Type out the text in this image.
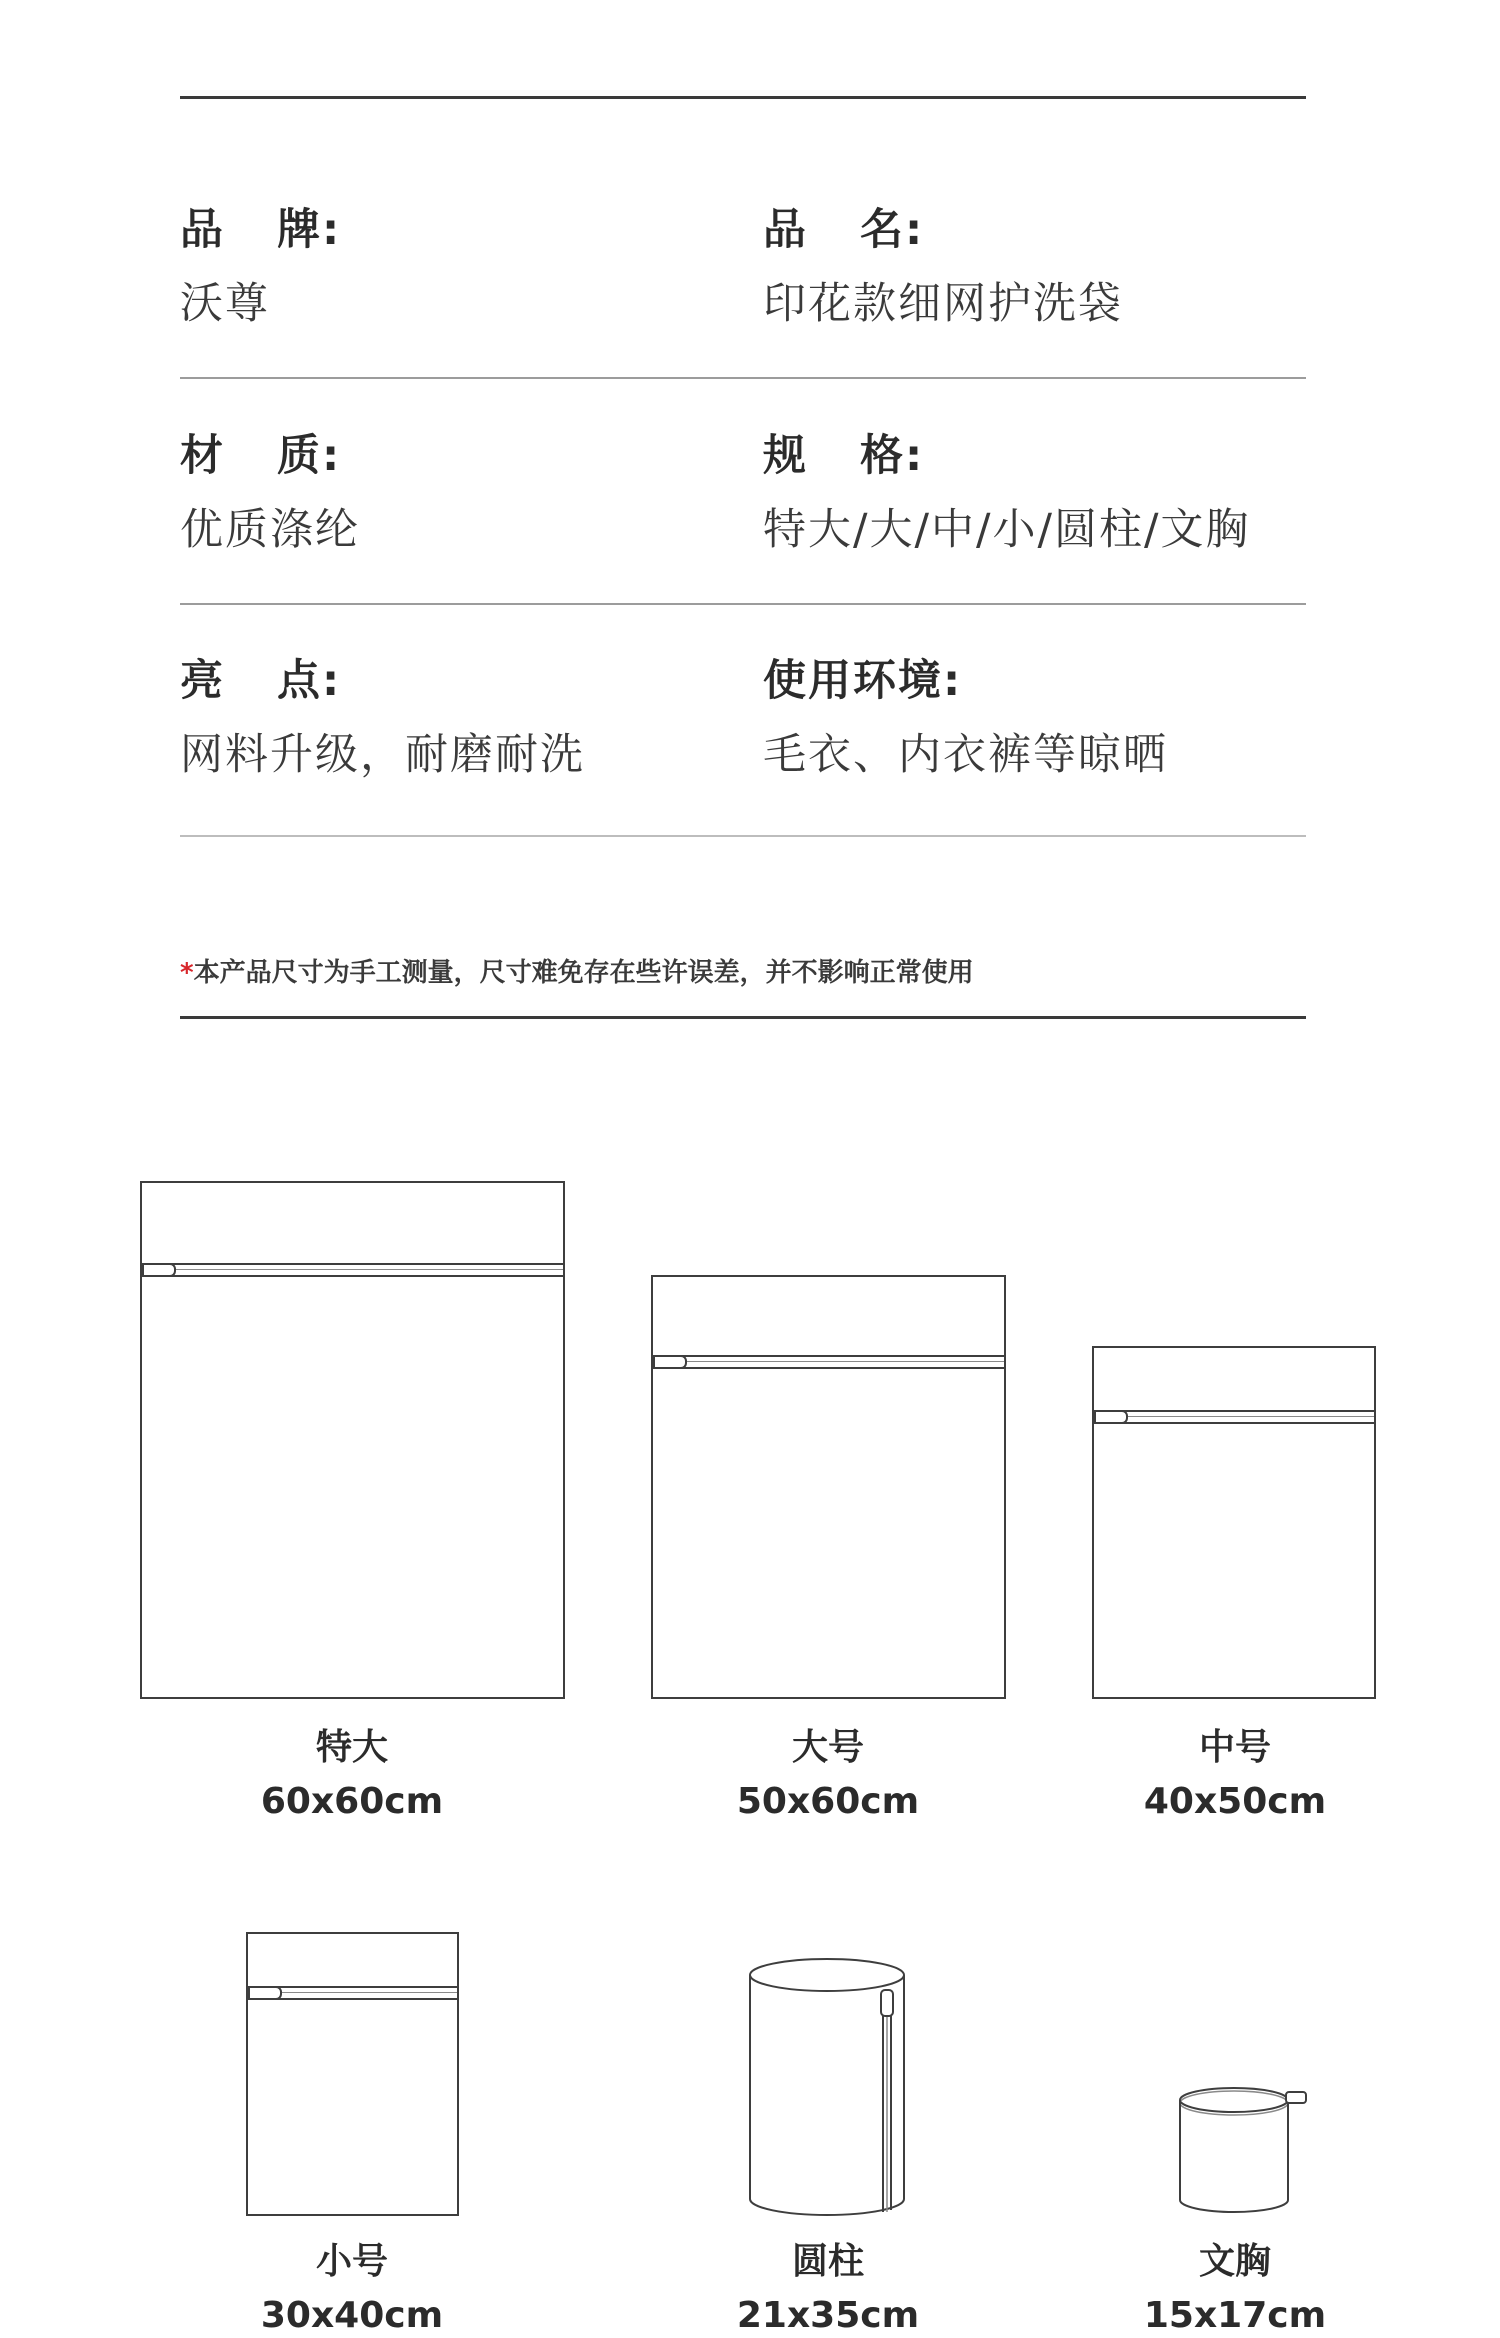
品 牌:
沃尊
品 名:
印花款细网护洗袋
材 质:
优质涤纶
规 格:
特大/大/中/小/圆柱/文胸
亮 点:
网料升级，耐磨耐洗
使用环境:
毛衣、内衣裤等晾晒
*本产品尺寸为手工测量，尺寸难免存在些许误差，并不影响正常使用
特大
60x60cm
大号
50x60cm
中号
40x50cm
小号
30x40cm
圆柱
21x35cm
文胸
15x17cm
